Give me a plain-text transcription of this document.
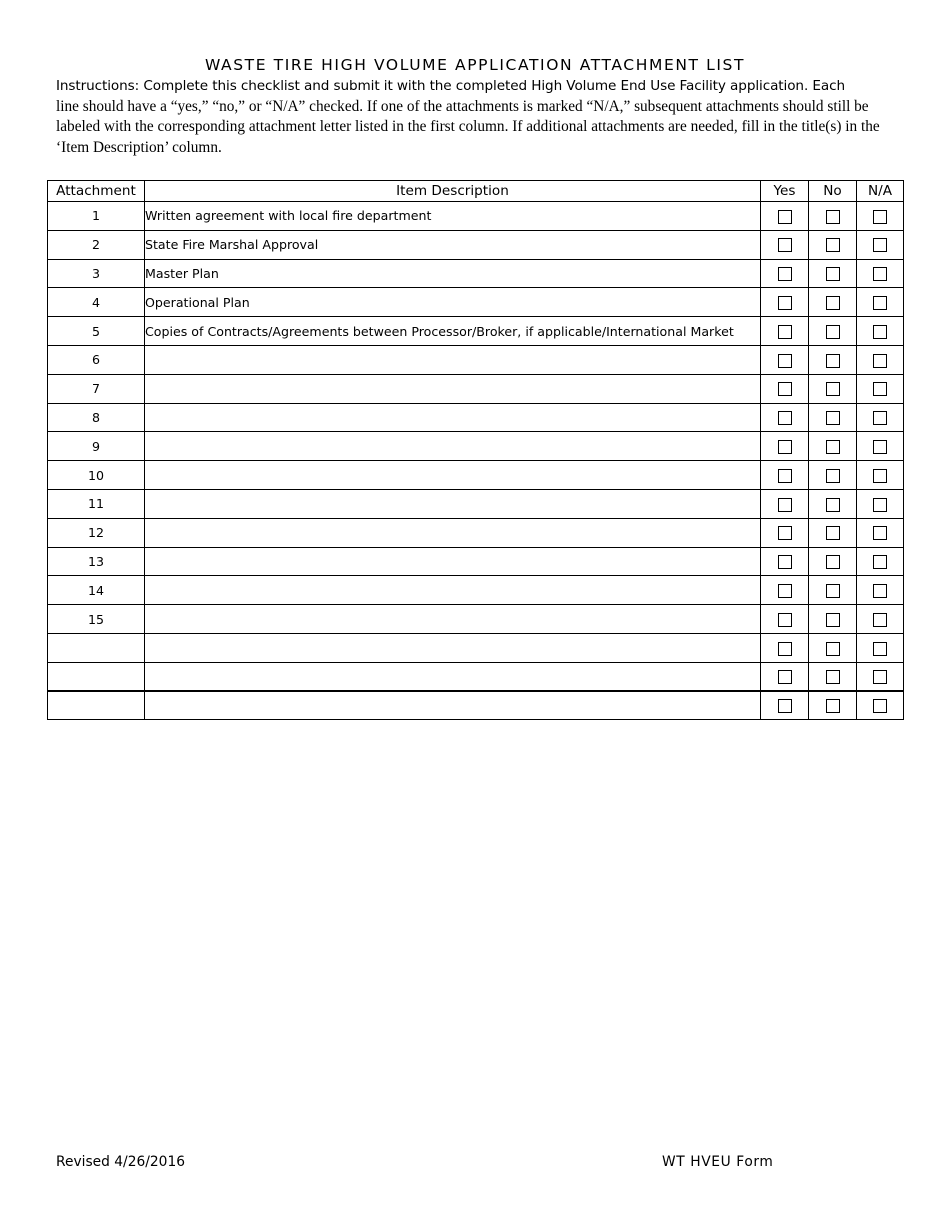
WASTE TIRE HIGH VOLUME APPLICATION ATTACHMENT LIST
Instructions: Complete this checklist and submit it with the completed High Volume End Use Facility application. Each
line should have a “yes,” “no,” or “N/A” checked. If one of the attachments is marked “N/A,” subsequent attachments should still be labeled with the corresponding attachment letter listed in the first column. If additional attachments are needed, fill in the title(s) in the ‘Item Description’ column.
Attachment	Item Description	Yes	No	N/A
1	Written agreement with local fire department			
2	State Fire Marshal Approval			
3	Master Plan			
4	Operational Plan			
5	Copies of Contracts/Agreements between Processor/Broker, if applicable/International Market			
6				
7				
8				
9				
10				
11				
12				
13				
14				
15				

Revised 4/26/2016	WT HVEU Form
